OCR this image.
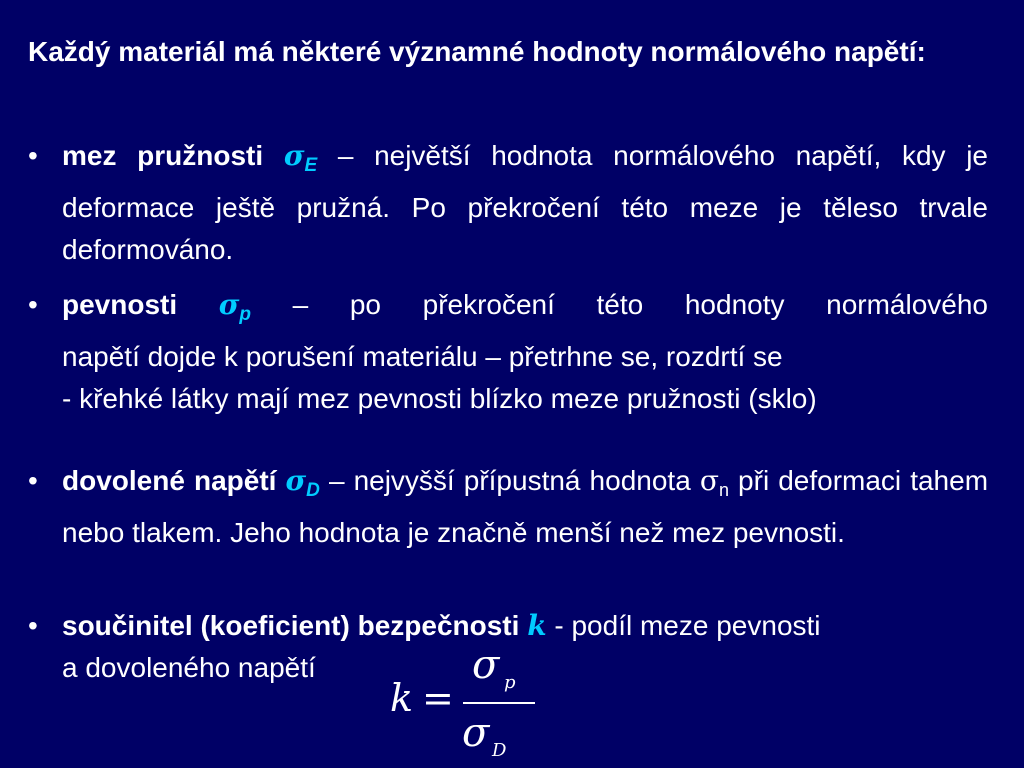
Každý materiál má některé významné hodnoty normálového napětí:
• mez pružnosti $\sigma_E$ – největší hodnota normálového napětí, kdy je deformace ještě pružná. Po překročení této meze je těleso trvale deformováno.
• pevnosti $\sigma_p$ – po překročení této hodnoty normálového
napětí dojde k porušení materiálu – přetrhne se, rozdrtí se
- křehké látky mají mez pevnosti blízko meze pružnosti (sklo)
• dovolené napětí $\sigma_D$ – nejvyšší přípustná hodnota $\sigma_n$ při deformaci tahem nebo tlakem. Jeho hodnota je značně menší než mez pevnosti.
• součinitel (koeficient) bezpečnosti k - podíl meze pevnosti
a dovoleného napětí
k =
σ p
σ D
